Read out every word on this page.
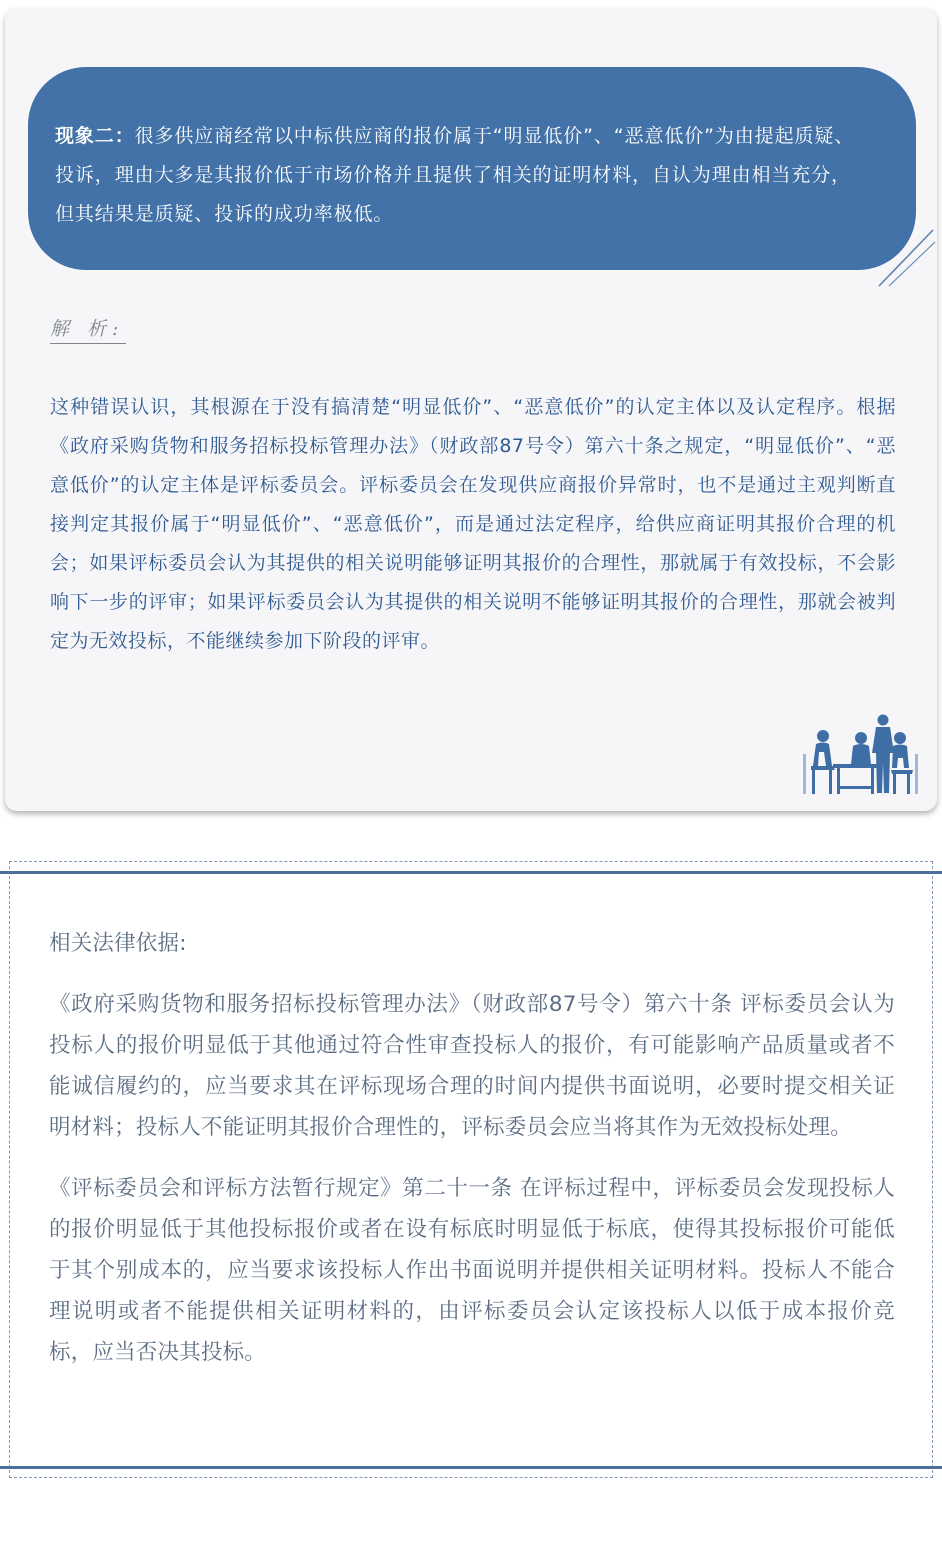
现象二：很多供应商经常以中标供应商的报价属于“明显低价”、“恶意低价”为由提起质疑、投诉，理由大多是其报价低于市场价格并且提供了相关的证明材料，自认为理由相当充分，但其结果是质疑、投诉的成功率极低。
解 析:
这种错误认识，其根源在于没有搞清楚“明显低价”、“恶意低价”的认定主体以及认定程序。根据《政府采购货物和服务招标投标管理办法》（财政部87号令）第六十条之规定，“明显低价”、“恶意低价”的认定主体是评标委员会。评标委员会在发现供应商报价异常时，也不是通过主观判断直接判定其报价属于“明显低价”、“恶意低价”，而是通过法定程序，给供应商证明其报价合理的机会；如果评标委员会认为其提供的相关说明能够证明其报价的合理性，那就属于有效投标，不会影响下一步的评审；如果评标委员会认为其提供的相关说明不能够证明其报价的合理性，那就会被判定为无效投标，不能继续参加下阶段的评审。

相关法律依据:

《政府采购货物和服务招标投标管理办法》（财政部87号令）第六十条 评标委员会认为投标人的报价明显低于其他通过符合性审查投标人的报价，有可能影响产品质量或者不能诚信履约的，应当要求其在评标现场合理的时间内提供书面说明，必要时提交相关证明材料；投标人不能证明其报价合理性的，评标委员会应当将其作为无效投标处理。

《评标委员会和评标方法暂行规定》第二十一条 在评标过程中，评标委员会发现投标人的报价明显低于其他投标报价或者在设有标底时明显低于标底，使得其投标报价可能低于其个别成本的，应当要求该投标人作出书面说明并提供相关证明材料。投标人不能合理说明或者不能提供相关证明材料的，由评标委员会认定该投标人以低于成本报价竞标，应当否决其投标。
